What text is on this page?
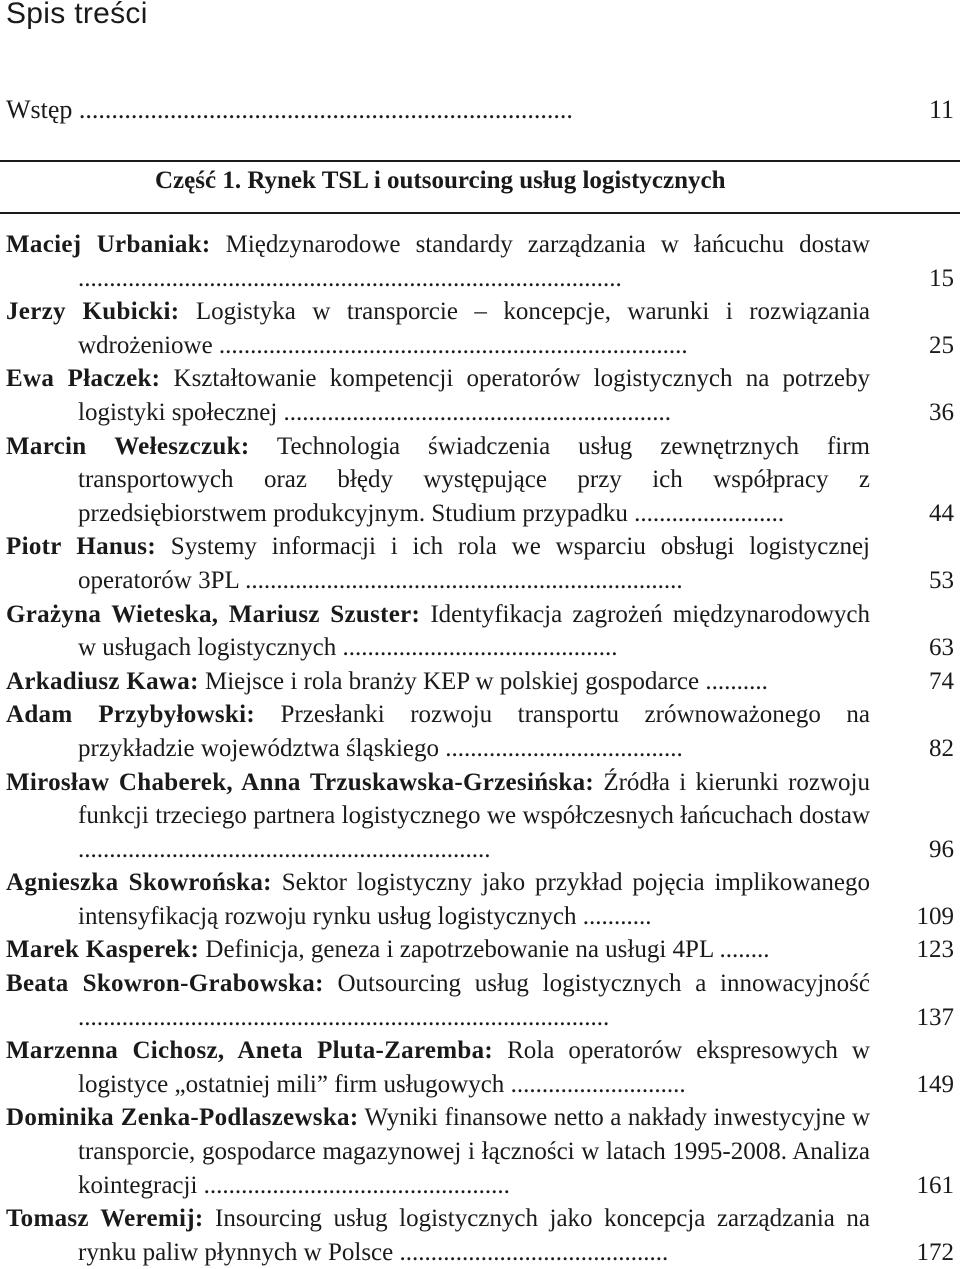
Spis treści
Wstęp ............................................................................	11
Część 1. Rynek TSL i outsourcing usług logistycznych
Maciej Urbaniak: Międzynarodowe standardy zarządzania w łańcuchu dostaw .......................................................................................	15
Jerzy Kubicki: Logistyka w transporcie – koncepcje, warunki i rozwiązania wdrożeniowe ...........................................................................	25
Ewa Płaczek: Kształtowanie kompetencji operatorów logistycznych na potrzeby logistyki społecznej ..............................................................	36
Marcin Wełeszczuk: Technologia świadczenia usług zewnętrznych firm transportowych oraz błędy występujące przy ich współpracy z przedsiębiorstwem produkcyjnym. Studium przypadku ........................	44
Piotr Hanus: Systemy informacji i ich rola we wsparciu obsługi logistycznej operatorów 3PL ......................................................................	53
Grażyna Wieteska, Mariusz Szuster: Identyfikacja zagrożeń międzynarodowych w usługach logistycznych ............................................	63
Arkadiusz Kawa: Miejsce i rola branży KEP w polskiej gospodarce ..........	74
Adam Przybyłowski: Przesłanki rozwoju transportu zrównoważonego na przykładzie województwa śląskiego ......................................	82
Mirosław Chaberek, Anna Trzuskawska-Grzesińska: Źródła i kierunki rozwoju funkcji trzeciego partnera logistycznego we współczesnych łańcuchach dostaw ..................................................................	96
Agnieszka Skowrońska: Sektor logistyczny jako przykład pojęcia implikowanego intensyfikacją rozwoju rynku usług logistycznych ...........	109
Marek Kasperek: Definicja, geneza i zapotrzebowanie na usługi 4PL ........	123
Beata Skowron-Grabowska: Outsourcing usług logistycznych a innowacyjność .....................................................................................	137
Marzenna Cichosz, Aneta Pluta-Zaremba: Rola operatorów ekspresowych w logistyce „ostatniej mili” firm usługowych ............................	149
Dominika Zenka-Podlaszewska: Wyniki finansowe netto a nakłady inwestycyjne w transporcie, gospodarce magazynowej i łączności w latach 1995-2008. Analiza kointegracji .................................................	161
Tomasz Weremij: Insourcing usług logistycznych jako koncepcja zarządzania na rynku paliw płynnych w Polsce ...........................................	172
